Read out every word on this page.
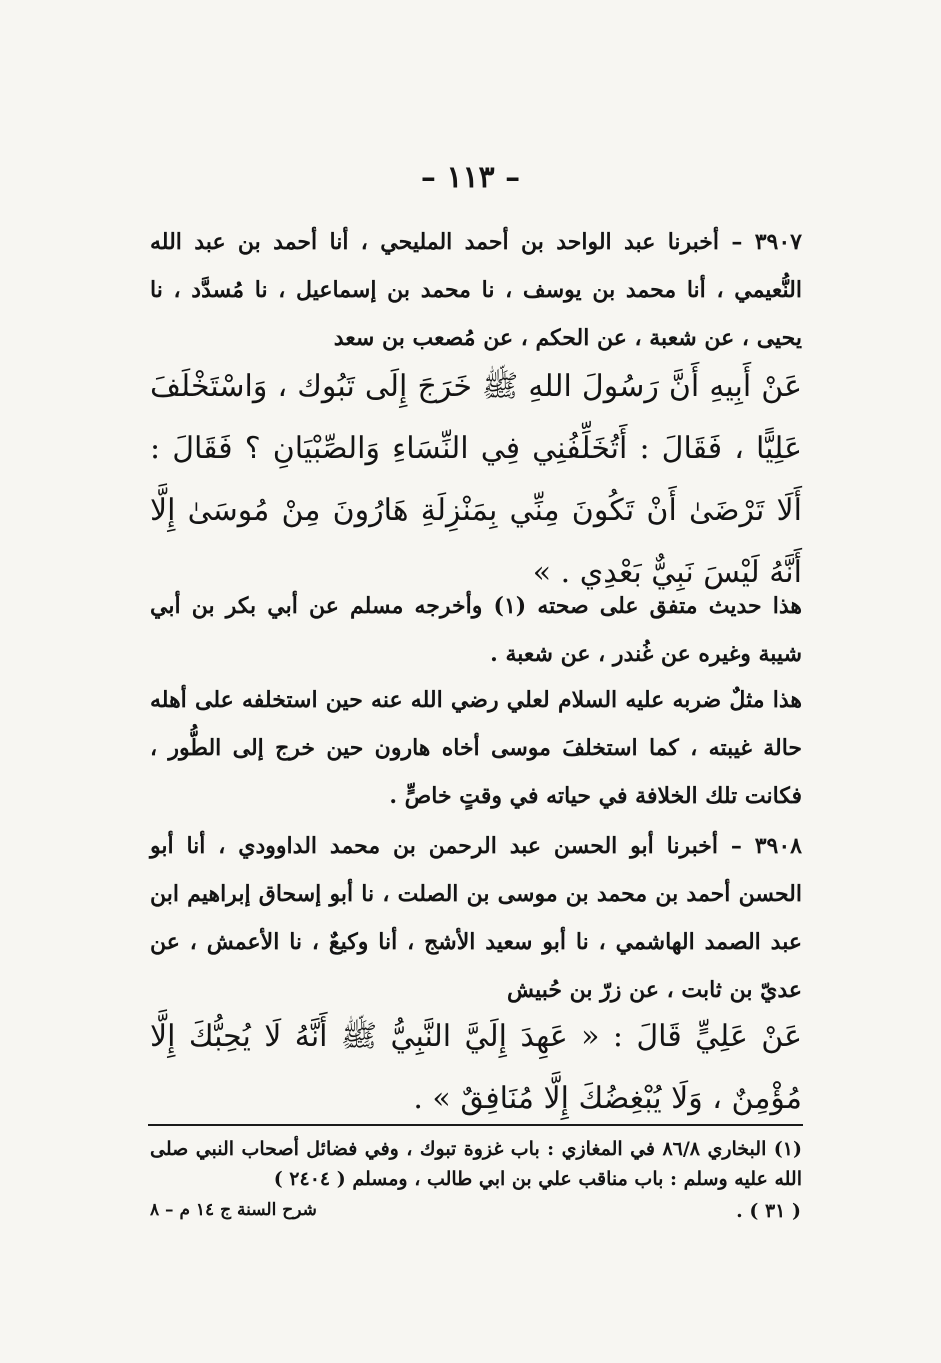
– ١١٣ –
٣٩٠٧ – أخبرنا عبد الواحد بن أحمد المليحي ، أنا أحمد بن عبد الله النُّعيمي ، أنا محمد بن يوسف ، نا محمد بن إسماعيل ، نا مُسدَّد ، نا يحيى ، عن شعبة ، عن الحكم ، عن مُصعب بن سعد
عَنْ أَبِيهِ أَنَّ رَسُولَ اللهِ ﷺ خَرَجَ إِلَى تَبُوك ، وَاسْتَخْلَفَ عَلِيًّا ، فَقَالَ : أَتُخَلِّفُنِي فِي النِّسَاءِ وَالصِّبْيَانِ ؟ فَقَالَ : أَلَا تَرْضَىٰ أَنْ تَكُونَ مِنِّي بِمَنْزِلَةِ هَارُونَ مِنْ مُوسَىٰ إِلَّا أَنَّهُ لَيْسَ نَبِيٌّ بَعْدِي . »
هذا حديث متفق على صحته (١) وأخرجه مسلم عن أبي بكر بن أبي شيبة وغيره عن غُندر ، عن شعبة .
هذا مثلٌ ضربه عليه السلام لعلي رضي الله عنه حين استخلفه على أهله حالة غيبته ، كما استخلفَ موسى أخاه هارون حين خرج إلى الطُّور ، فكانت تلك الخلافة في حياته في وقتٍ خاصٍّ .
٣٩٠٨ – أخبرنا أبو الحسن عبد الرحمن بن محمد الداوودي ، أنا أبو الحسن أحمد بن محمد بن موسى بن الصلت ، نا أبو إسحاق إبراهيم ابن عبد الصمد الهاشمي ، نا أبو سعيد الأشج ، أنا وكيعٌ ، نا الأعمش ، عن عديّ بن ثابت ، عن زرّ بن حُبيش
عَنْ عَلِيٍّ قَالَ : « عَهِدَ إِلَيَّ النَّبِيُّ ﷺ أَنَّهُ لَا يُحِبُّكَ إِلَّا مُؤْمِنٌ ، وَلَا يُبْغِضُكَ إِلَّا مُنَافِقٌ » .
(١) البخاري ٨٦/٨ في المغازي : باب غزوة تبوك ، وفي فضائل أصحاب النبي صلى الله عليه وسلم : باب مناقب علي بن ابي طالب ، ومسلم ( ٢٤٠٤ )
( ٣١ ) .
شرح السنة ج ١٤ م – ٨
